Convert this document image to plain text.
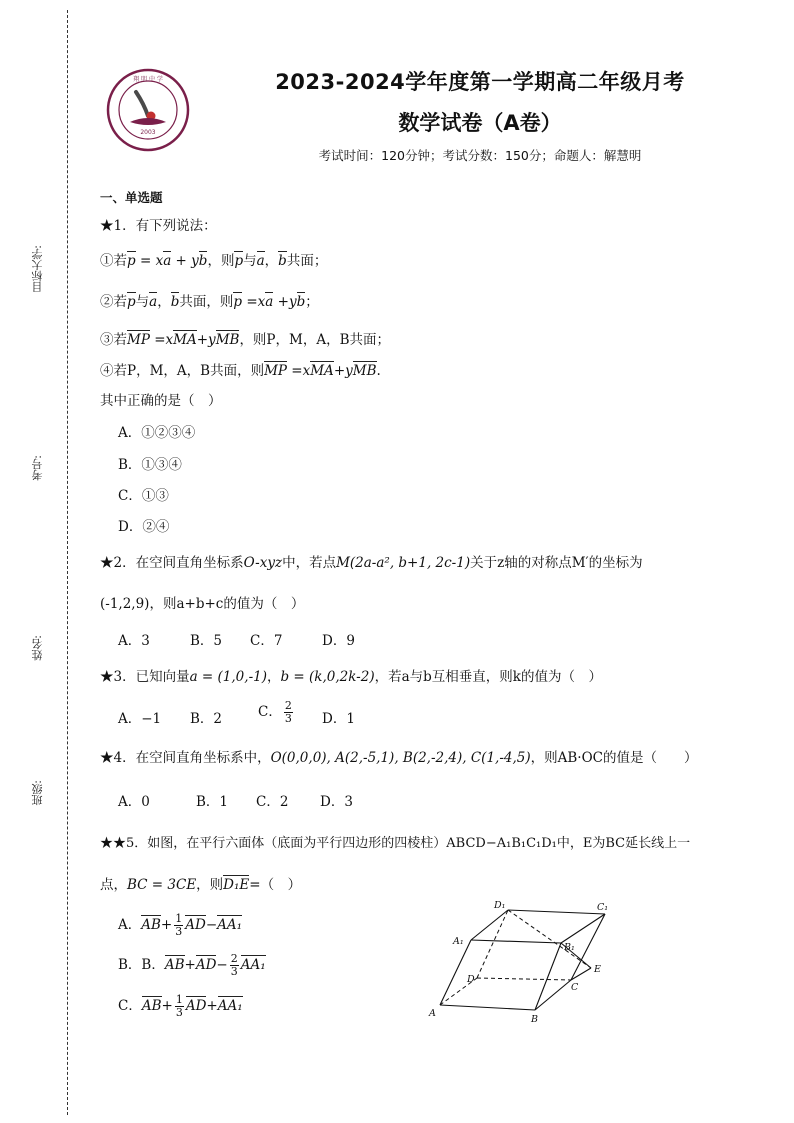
目标大学:
考号:
姓名:
班级:
翔 明 中 学
2003
2023-2024学年度第一学期高二年级月考
数学试卷（A卷）
考试时间：120分钟；考试分数：150分；命题人：解慧明
一、单选题
★1．有下列说法：
①若p = xa + yb，则p与a，b共面；
②若p与a，b共面，则p =xa +yb；
③若MP =xMA+yMB，则P，M，A，B共面；
④若P，M，A，B共面，则MP =xMA+yMB.
其中正确的是（　）
A．①②③④
B．①③④
C．①③
D．②④
★2．在空间直角坐标系O-xyz中，若点M(2a-a², b+1, 2c-1)关于z轴的对称点M′的坐标为
(-1,2,9)，则a+b+c的值为（　）
A．3	B．5 C．7	D．9
★3．已知向量a = (1,0,-1)，b = (k,0,2k-2)，若a与b互相垂直，则k的值为（　）
A．−1 B．2	C． $\frac{2}{3}$ D．1
★4．在空间直角坐标系中，O(0,0,0), A(2,-5,1), B(2,-2,4), C(1,-4,5)，则AB·OC的值是（　　）
A．0	B．1 C．2 D．3
★★5．如图，在平行六面体（底面为平行四边形的四棱柱）ABCD−A₁B₁C₁D₁中，E为BC延长线上一
点，BC = 3CE，则D₁E=（　）
A．$AB+ \frac{1}{3} AD-AA_1$
B．B．$AB+AD- \frac{2}{3} AA_1$
C．$AB+ \frac{1}{3} AD+AA_1$	A
B
C
D
E
A₁
B₁
C₁
D₁
